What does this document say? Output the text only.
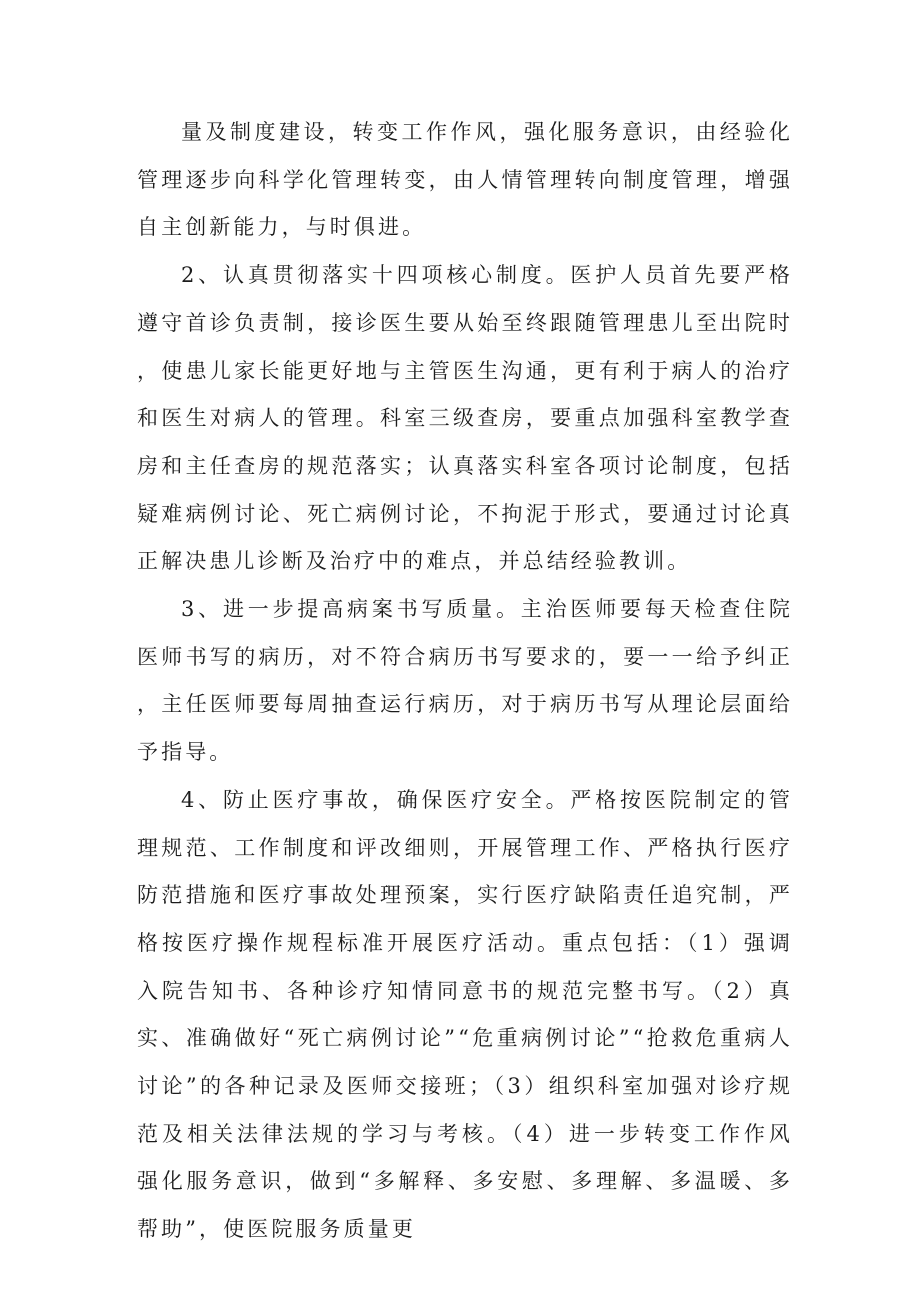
量及制度建设，转变工作作风，强化服务意识，由经验化管理逐步向科学化管理转变，由人情管理转向制度管理，增强自主创新能力，与时俱进。

2、认真贯彻落实十四项核心制度。医护人员首先要严格遵守首诊负责制，接诊医生要从始至终跟随管理患儿至出院时，使患儿家长能更好地与主管医生沟通，更有利于病人的治疗和医生对病人的管理。科室三级查房，要重点加强科室教学查房和主任查房的规范落实；认真落实科室各项讨论制度，包括疑难病例讨论、死亡病例讨论，不拘泥于形式，要通过讨论真正解决患儿诊断及治疗中的难点，并总结经验教训。

3、进一步提高病案书写质量。主治医师要每天检查住院医师书写的病历，对不符合病历书写要求的，要一一给予纠正，主任医师要每周抽查运行病历，对于病历书写从理论层面给予指导。

4、防止医疗事故，确保医疗安全。严格按医院制定的管理规范、工作制度和评改细则，开展管理工作、严格执行医疗防范措施和医疗事故处理预案，实行医疗缺陷责任追究制，严格按医疗操作规程标准开展医疗活动。重点包括：（1）强调入院告知书、各种诊疗知情同意书的规范完整书写。（2）真实、准确做好“死亡病例讨论”“危重病例讨论”“抢救危重病人讨论”的各种记录及医师交接班；（3）组织科室加强对诊疗规范及相关法律法规的学习与考核。（4）进一步转变工作作风强化服务意识，做到“多解释、多安慰、多理解、多温暖、多帮助”，使医院服务质量更
